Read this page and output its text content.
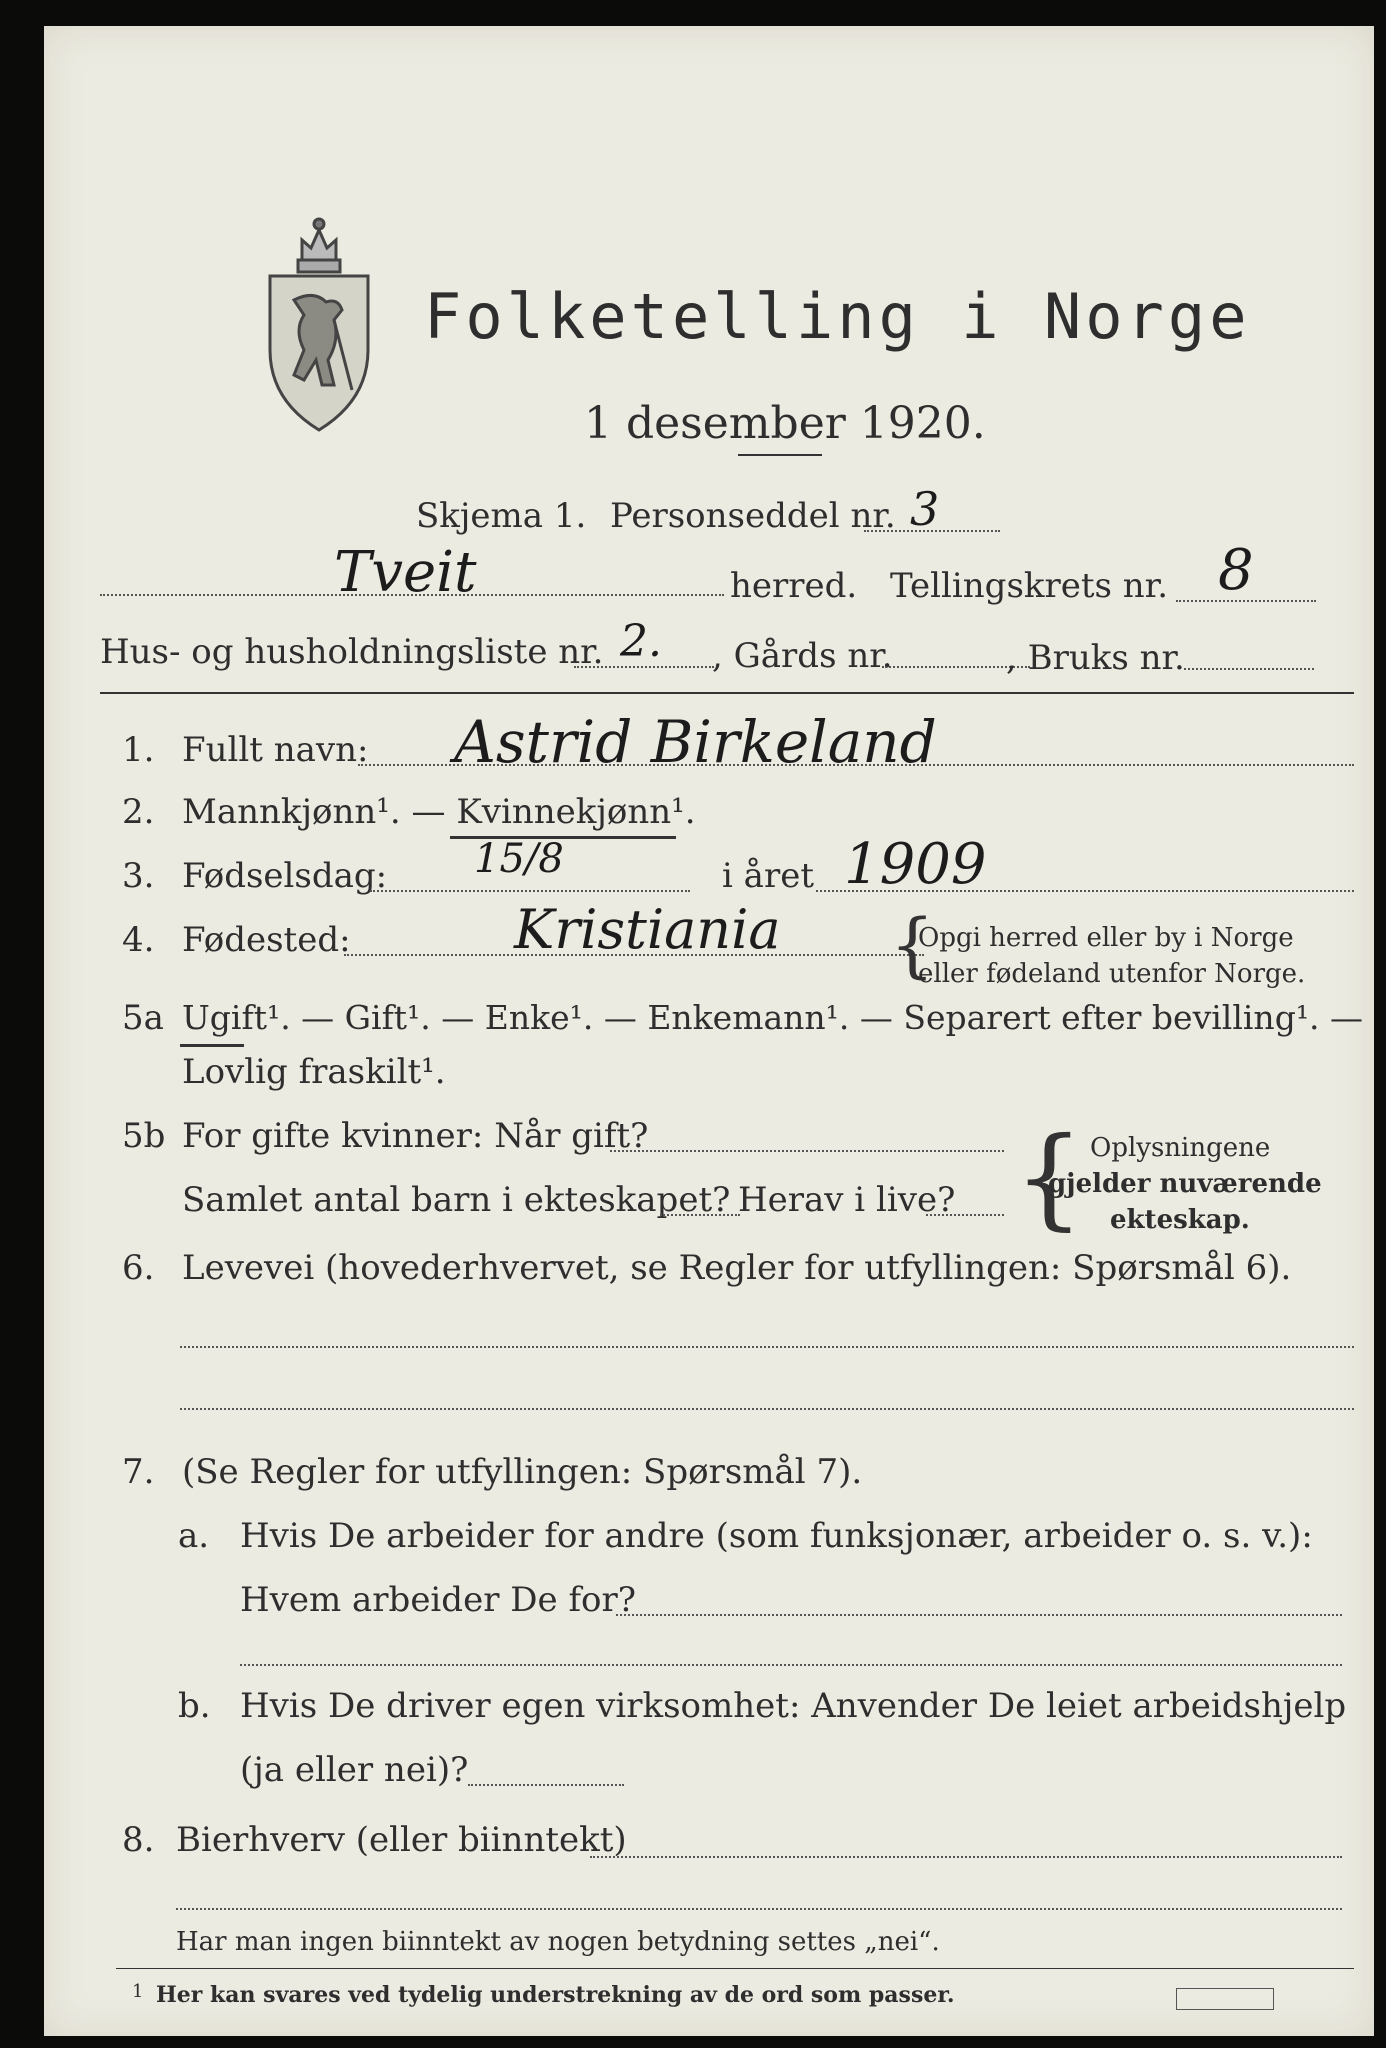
Folketelling i Norge
1 desember 1920.
Skjema 1. Personseddel nr. 3
Tveit	herred. Tellingskrets nr. 8
Hus- og husholdningsliste nr. 2. , Gårds nr.	, Bruks nr.
1. Fullt navn: Astrid Birkeland
2. Mannkjønn¹. — Kvinnekjønn¹.
3. Fødselsdag: 15/8	i året 1909
4. Fødested:	Kristiania {
Opgi herred eller by i Norge
eller fødeland utenfor Norge.
5a Ugift¹. — Gift¹. — Enke¹. — Enkemann¹. — Separert efter bevilling¹. —
Lovlig fraskilt¹.
5b For gifte kvinner: Når gift?
Samlet antal barn i ekteskapet? Herav i live? { Oplysningene
gjelder nuværende
ekteskap.
6. Levevei (hovederhvervet, se Regler for utfyllingen: Spørsmål 6).
7. (Se Regler for utfyllingen: Spørsmål 7).
a. Hvis De arbeider for andre (som funksjonær, arbeider o. s. v.):
Hvem arbeider De for?
b. Hvis De driver egen virksomhet: Anvender De leiet arbeidshjelp
(ja eller nei)?
8. Bierhverv (eller biinntekt)
Har man ingen biinntekt av nogen betydning settes „nei“.
1 Her kan svares ved tydelig understrekning av de ord som passer.
